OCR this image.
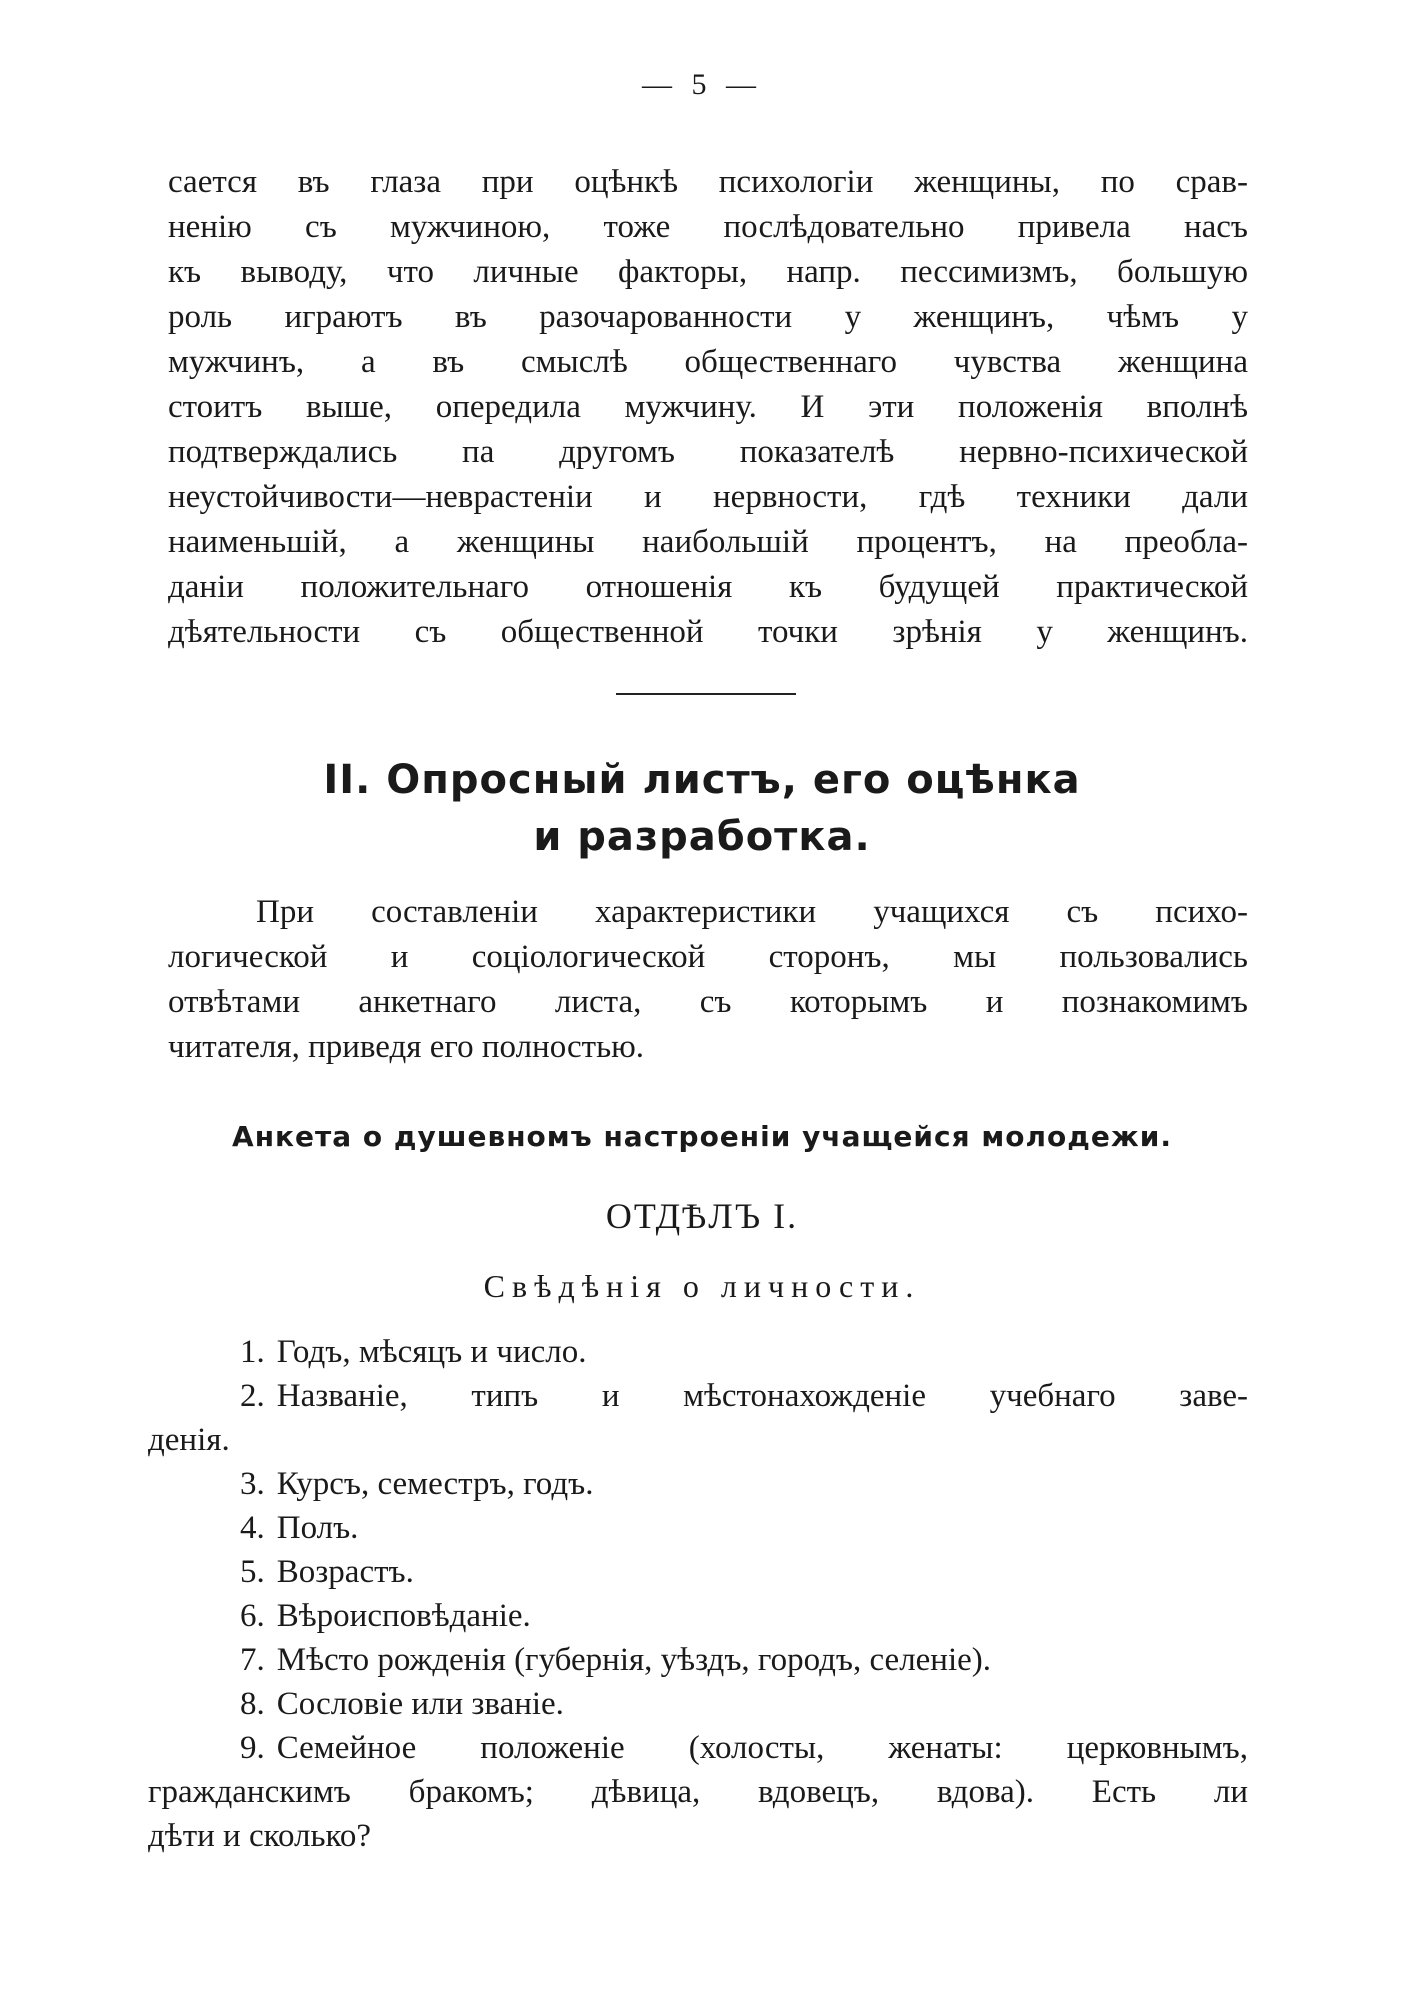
— 5 —

сается въ глаза при оцѣнкѣ психологіи женщины, по срав-
ненію съ мужчиною, тоже послѣдовательно привела насъ
къ выводу, что личные факторы, напр. пессимизмъ, большую
роль играютъ въ разочарованности у женщинъ, чѣмъ у
мужчинъ, а въ смыслѣ общественнаго чувства женщина
стоитъ выше, опередила мужчину. И эти положенія вполнѣ
подтверждались па другомъ показателѣ нервно-психической
неустойчивости—неврастеніи и нервности, гдѣ техники дали
наименьшій, а женщины наибольшій процентъ, на преобла-
даніи положительнаго отношенія къ будущей практической
дѣятельности съ общественной точки зрѣнія у женщинъ.

II. Опросный листъ, его оцѣнка
и разработка.

При составленіи характеристики учащихся съ психо-
логической и соціологической сторонъ, мы пользовались
отвѣтами анкетнаго листа, съ которымъ и познакомимъ
читателя, приведя его полностью.

Анкета о душевномъ настроеніи учащейся молодежи.
ОТДѢЛЪ I.
Свѣдѣнія о личности.
1. Годъ, мѣсяцъ и число.
2. Названіе, типъ и мѣстонахожденіе учебнаго заве-
денія.
3. Курсъ, семестръ, годъ.
4. Полъ.
5. Возрастъ.
6. Вѣроисповѣданіе.
7. Мѣсто рожденія (губернія, уѣздъ, городъ, селеніе).
8. Сословіе или званіе.
9. Семейное положеніе (холосты, женаты: церковнымъ,
гражданскимъ бракомъ; дѣвица, вдовецъ, вдова). Есть ли
дѣти и сколько?
